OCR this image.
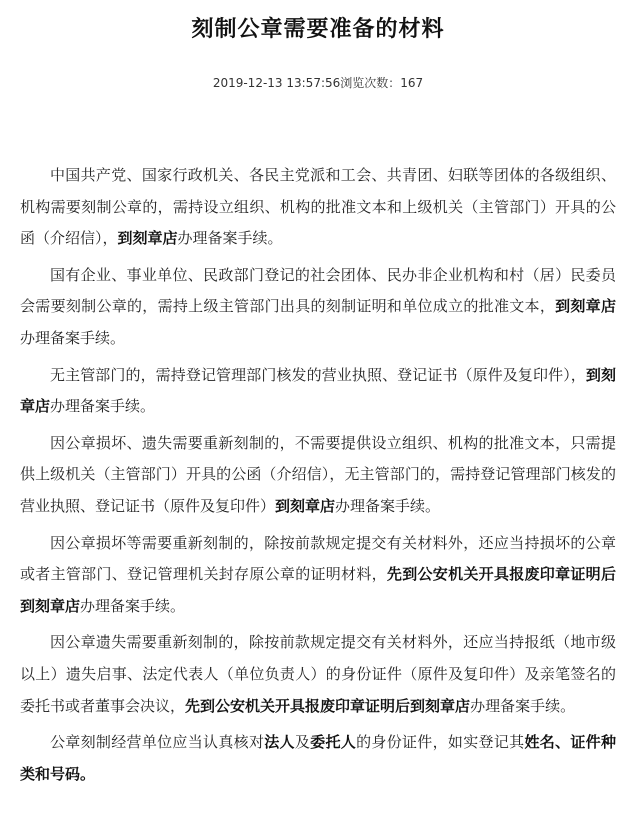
刻制公章需要准备的材料
2019-12-13 13:57:56浏览次数：167

中国共产党、国家行政机关、各民主党派和工会、共青团、妇联等团体的各级组织、机构需要刻制公章的，需持设立组织、机构的批准文本和上级机关（主管部门）开具的公函（介绍信），到刻章店办理备案手续。

国有企业、事业单位、民政部门登记的社会团体、民办非企业机构和村（居）民委员会需要刻制公章的，需持上级主管部门出具的刻制证明和单位成立的批准文本，到刻章店办理备案手续。

无主管部门的，需持登记管理部门核发的营业执照、登记证书（原件及复印件），到刻章店办理备案手续。

因公章损坏、遗失需要重新刻制的，不需要提供设立组织、机构的批准文本，只需提供上级机关（主管部门）开具的公函（介绍信），无主管部门的，需持登记管理部门核发的营业执照、登记证书（原件及复印件）到刻章店办理备案手续。

因公章损坏等需要重新刻制的，除按前款规定提交有关材料外，还应当持损坏的公章或者主管部门、登记管理机关封存原公章的证明材料，先到公安机关开具报废印章证明后到刻章店办理备案手续。

因公章遗失需要重新刻制的，除按前款规定提交有关材料外，还应当持报纸（地市级以上）遗失启事、法定代表人（单位负责人）的身份证件（原件及复印件）及亲笔签名的委托书或者董事会决议，先到公安机关开具报废印章证明后到刻章店办理备案手续。

公章刻制经营单位应当认真核对法人及委托人的身份证件，如实登记其姓名、证件种类和号码。
